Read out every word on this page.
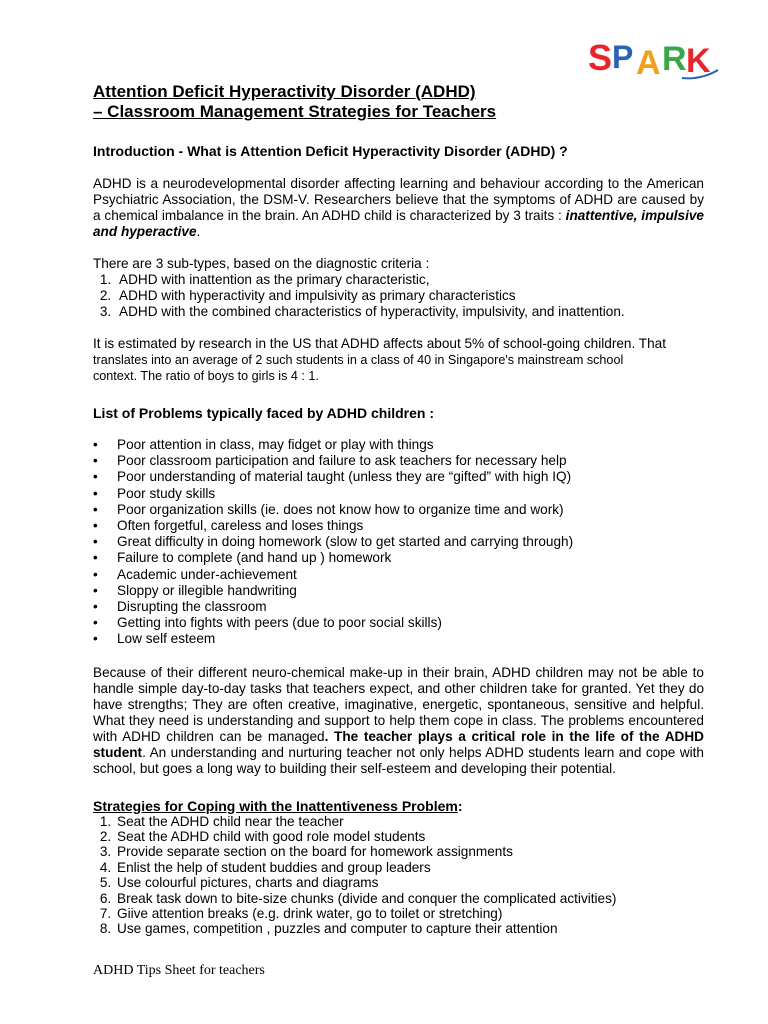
S P A R K
Attention Deficit Hyperactivity Disorder (ADHD)
– Classroom Management Strategies for Teachers
Introduction - What is Attention Deficit Hyperactivity Disorder (ADHD) ?

ADHD is a neurodevelopmental disorder affecting learning and behaviour according to the American Psychiatric Association, the DSM-V. Researchers believe that the symptoms of ADHD are caused by a chemical imbalance in the brain. An ADHD child is characterized by 3 traits : inattentive, impulsive and hyperactive.

There are 3 sub-types, based on the diagnostic criteria :

1. ADHD with inattention as the primary characteristic,
2. ADHD with hyperactivity and impulsivity as primary characteristics
3. ADHD with the combined characteristics of hyperactivity, impulsivity, and inattention.

It is estimated by research in the US that ADHD affects about 5% of school-going children. That

translates into an average of 2 such students in a class of 40 in Singapore's mainstream school

context. The ratio of boys to girls is 4 : 1.

List of Problems typically faced by ADHD children :
• Poor attention in class, may fidget or play with things
• Poor classroom participation and failure to ask teachers for necessary help
• Poor understanding of material taught (unless they are “gifted” with high IQ)
• Poor study skills
• Poor organization skills (ie. does not know how to organize time and work)
• Often forgetful, careless and loses things
• Great difficulty in doing homework (slow to get started and carrying through)
• Failure to complete (and hand up ) homework
• Academic under-achievement
• Sloppy or illegible handwriting
• Disrupting the classroom
• Getting into fights with peers (due to poor social skills)
• Low self esteem

Because of their different neuro-chemical make-up in their brain, ADHD children may not be able to handle simple day-to-day tasks that teachers expect, and other children take for granted. Yet they do have strengths; They are often creative, imaginative, energetic, spontaneous, sensitive and helpful. What they need is understanding and support to help them cope in class. The problems encountered with ADHD children can be managed. The teacher plays a critical role in the life of the ADHD student. An understanding and nurturing teacher not only helps ADHD students learn and cope with school, but goes a long way to building their self-esteem and developing their potential.

Strategies for Coping with the Inattentiveness Problem:
1. Seat the ADHD child near the teacher
2. Seat the ADHD child with good role model students
3. Provide separate section on the board for homework assignments
4. Enlist the help of student buddies and group leaders
5. Use colourful pictures, charts and diagrams
6. Break task down to bite-size chunks (divide and conquer the complicated activities)
7. Giive attention breaks (e.g. drink water, go to toilet or stretching)
8. Use games, competition , puzzles and computer to capture their attention
ADHD Tips Sheet for teachers
